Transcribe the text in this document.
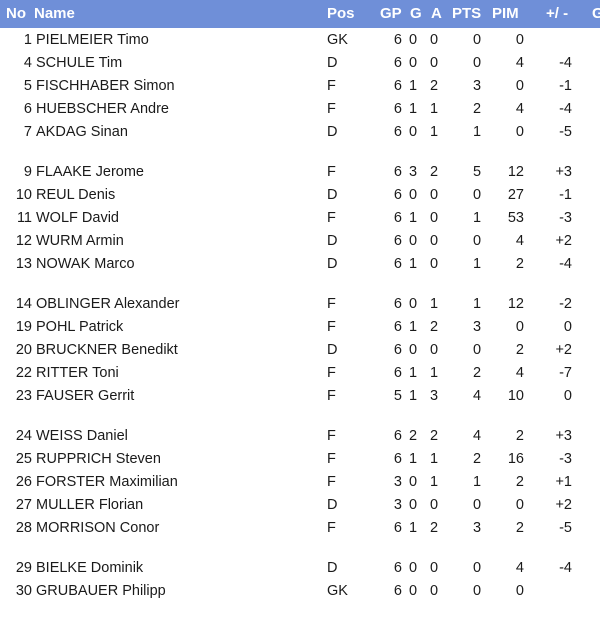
No Name	Pos GP G A PTS PIM +/ - G
1 PIELMEIER Timo	GK	6 0 0	0	0
4 SCHULE Tim	D	6 0 0	0	4	-4
5 FISCHHABER Simon	F	6 1 2	3	0	-1
6 HUEBSCHER Andre	F	6 1 1	2	4	-4
7 AKDAG Sinan	D	6 0 1	1	0	-5
9 FLAAKE Jerome	F	6 3 2	5	12	+3
10 REUL Denis	D	6 0 0	0	27	-1
11 WOLF David	F	6 1 0	1	53	-3
12 WURM Armin	D	6 0 0	0	4	+2
13 NOWAK Marco	D	6 1 0	1	2	-4
14 OBLINGER Alexander	F	6 0 1	1	12	-2
19 POHL Patrick	F	6 1 2	3	0	0
20 BRUCKNER Benedikt	D	6 0 0	0	2	+2
22 RITTER Toni	F	6 1 1	2	4	-7
23 FAUSER Gerrit	F	5 1 3	4	10	0
24 WEISS Daniel	F	6 2 2	4	2	+3
25 RUPPRICH Steven	F	6 1 1	2	16	-3
26 FORSTER Maximilian	F	3 0 1	1	2	+1
27 MULLER Florian	D	3 0 0	0	0	+2
28 MORRISON Conor	F	6 1 2	3	2	-5
29 BIELKE Dominik	D	6 0 0	0	4	-4
30 GRUBAUER Philipp	GK	6 0 0	0	0
